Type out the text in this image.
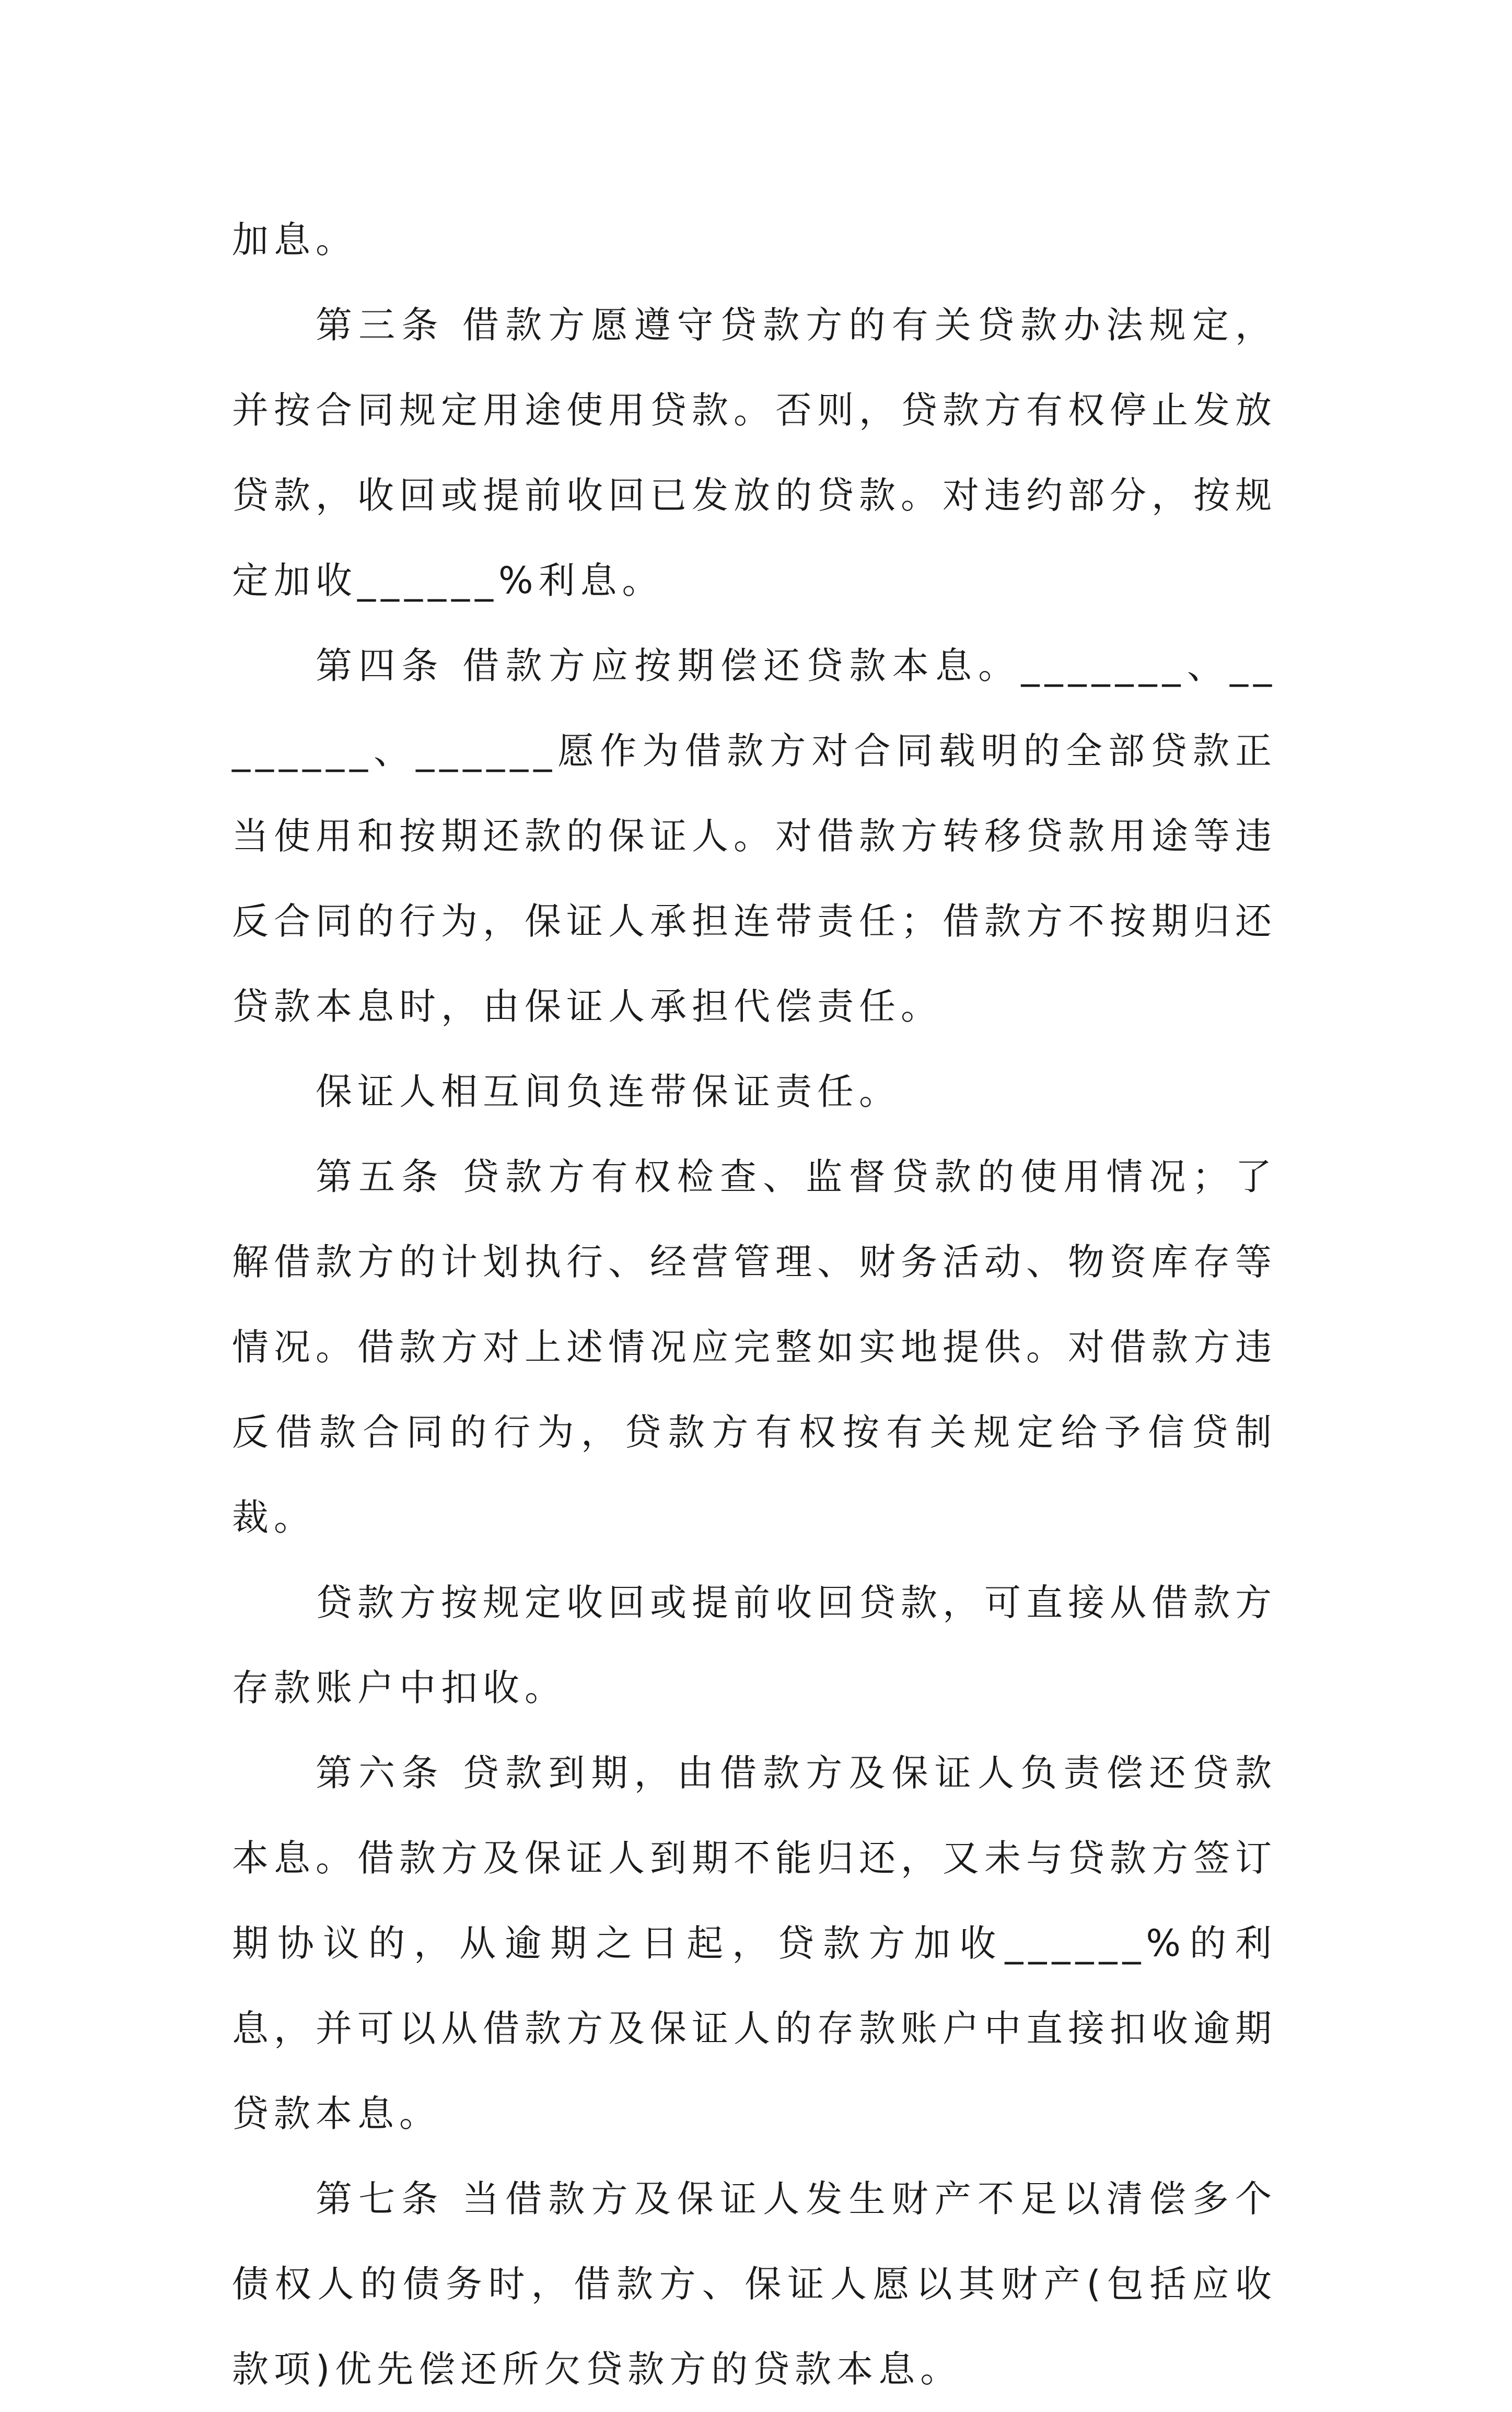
加息。

第三条 借款方愿遵守贷款方的有关贷款办法规定，并按合同规定用途使用贷款。否则，贷款方有权停止发放贷款，收回或提前收回已发放的贷款。对违约部分，按规定加收______%利息。

第四条 借款方应按期偿还贷款本息。_______、________、______愿作为借款方对合同载明的全部贷款正当使用和按期还款的保证人。对借款方转移贷款用途等违反合同的行为，保证人承担连带责任；借款方不按期归还贷款本息时，由保证人承担代偿责任。

保证人相互间负连带保证责任。

第五条 贷款方有权检查、监督贷款的使用情况；了解借款方的计划执行、经营管理、财务活动、物资库存等情况。借款方对上述情况应完整如实地提供。对借款方违反借款合同的行为，贷款方有权按有关规定给予信贷制裁。

贷款方按规定收回或提前收回贷款，可直接从借款方存款账户中扣收。

第六条 贷款到期，由借款方及保证人负责偿还贷款本息。借款方及保证人到期不能归还，又未与贷款方签订期协议的，从逾期之日起，贷款方加收______%的利息，并可以从借款方及保证人的存款账户中直接扣收逾期贷款本息。

第七条 当借款方及保证人发生财产不足以清偿多个债权人的债务时，借款方、保证人愿以其财产(包括应收款项)优先偿还所欠贷款方的贷款本息。
